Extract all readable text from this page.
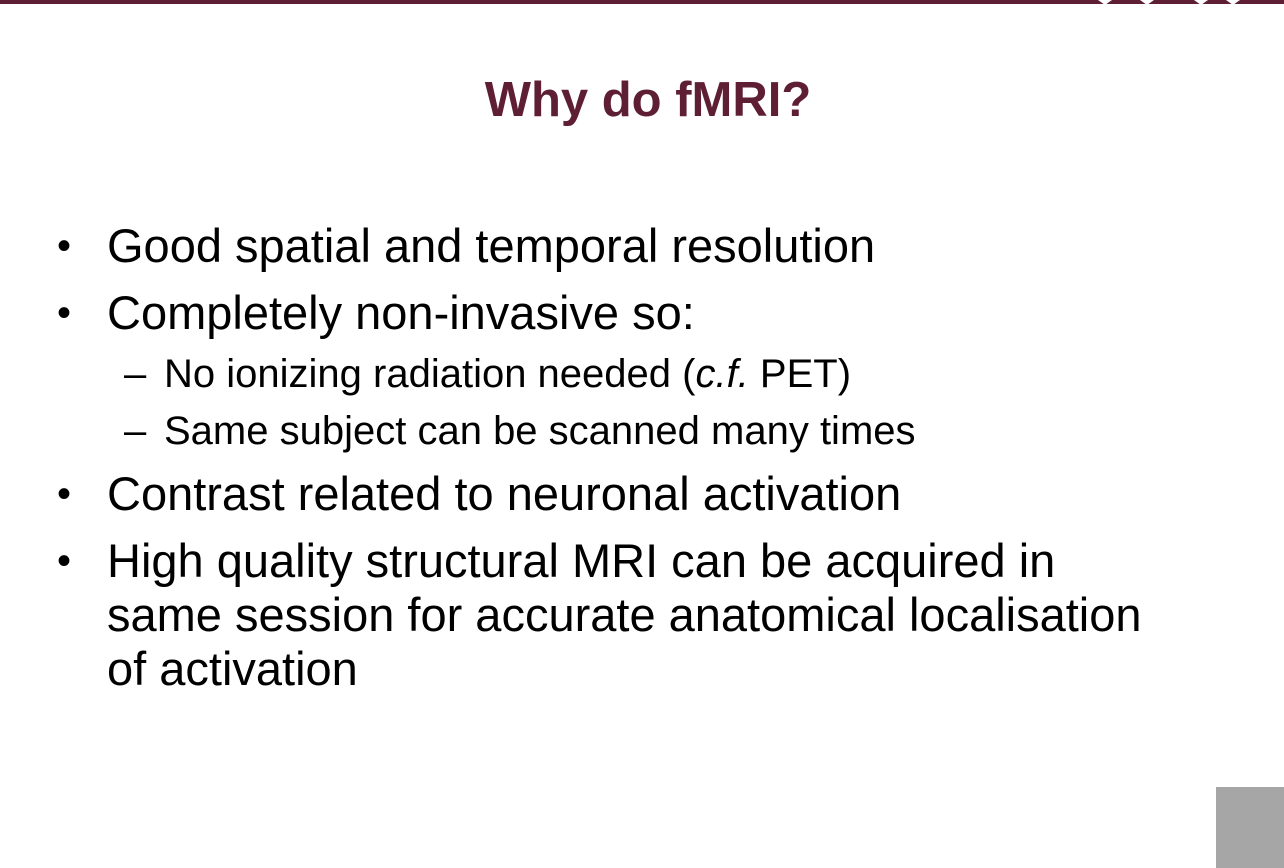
Why do fMRI?
• Good spatial and temporal resolution
• Completely non-invasive so:
– No ionizing radiation needed (c.f. PET)
– Same subject can be scanned many times
• Contrast related to neuronal activation
• High quality structural MRI can be acquired in
same session for accurate anatomical localisation
of activation
